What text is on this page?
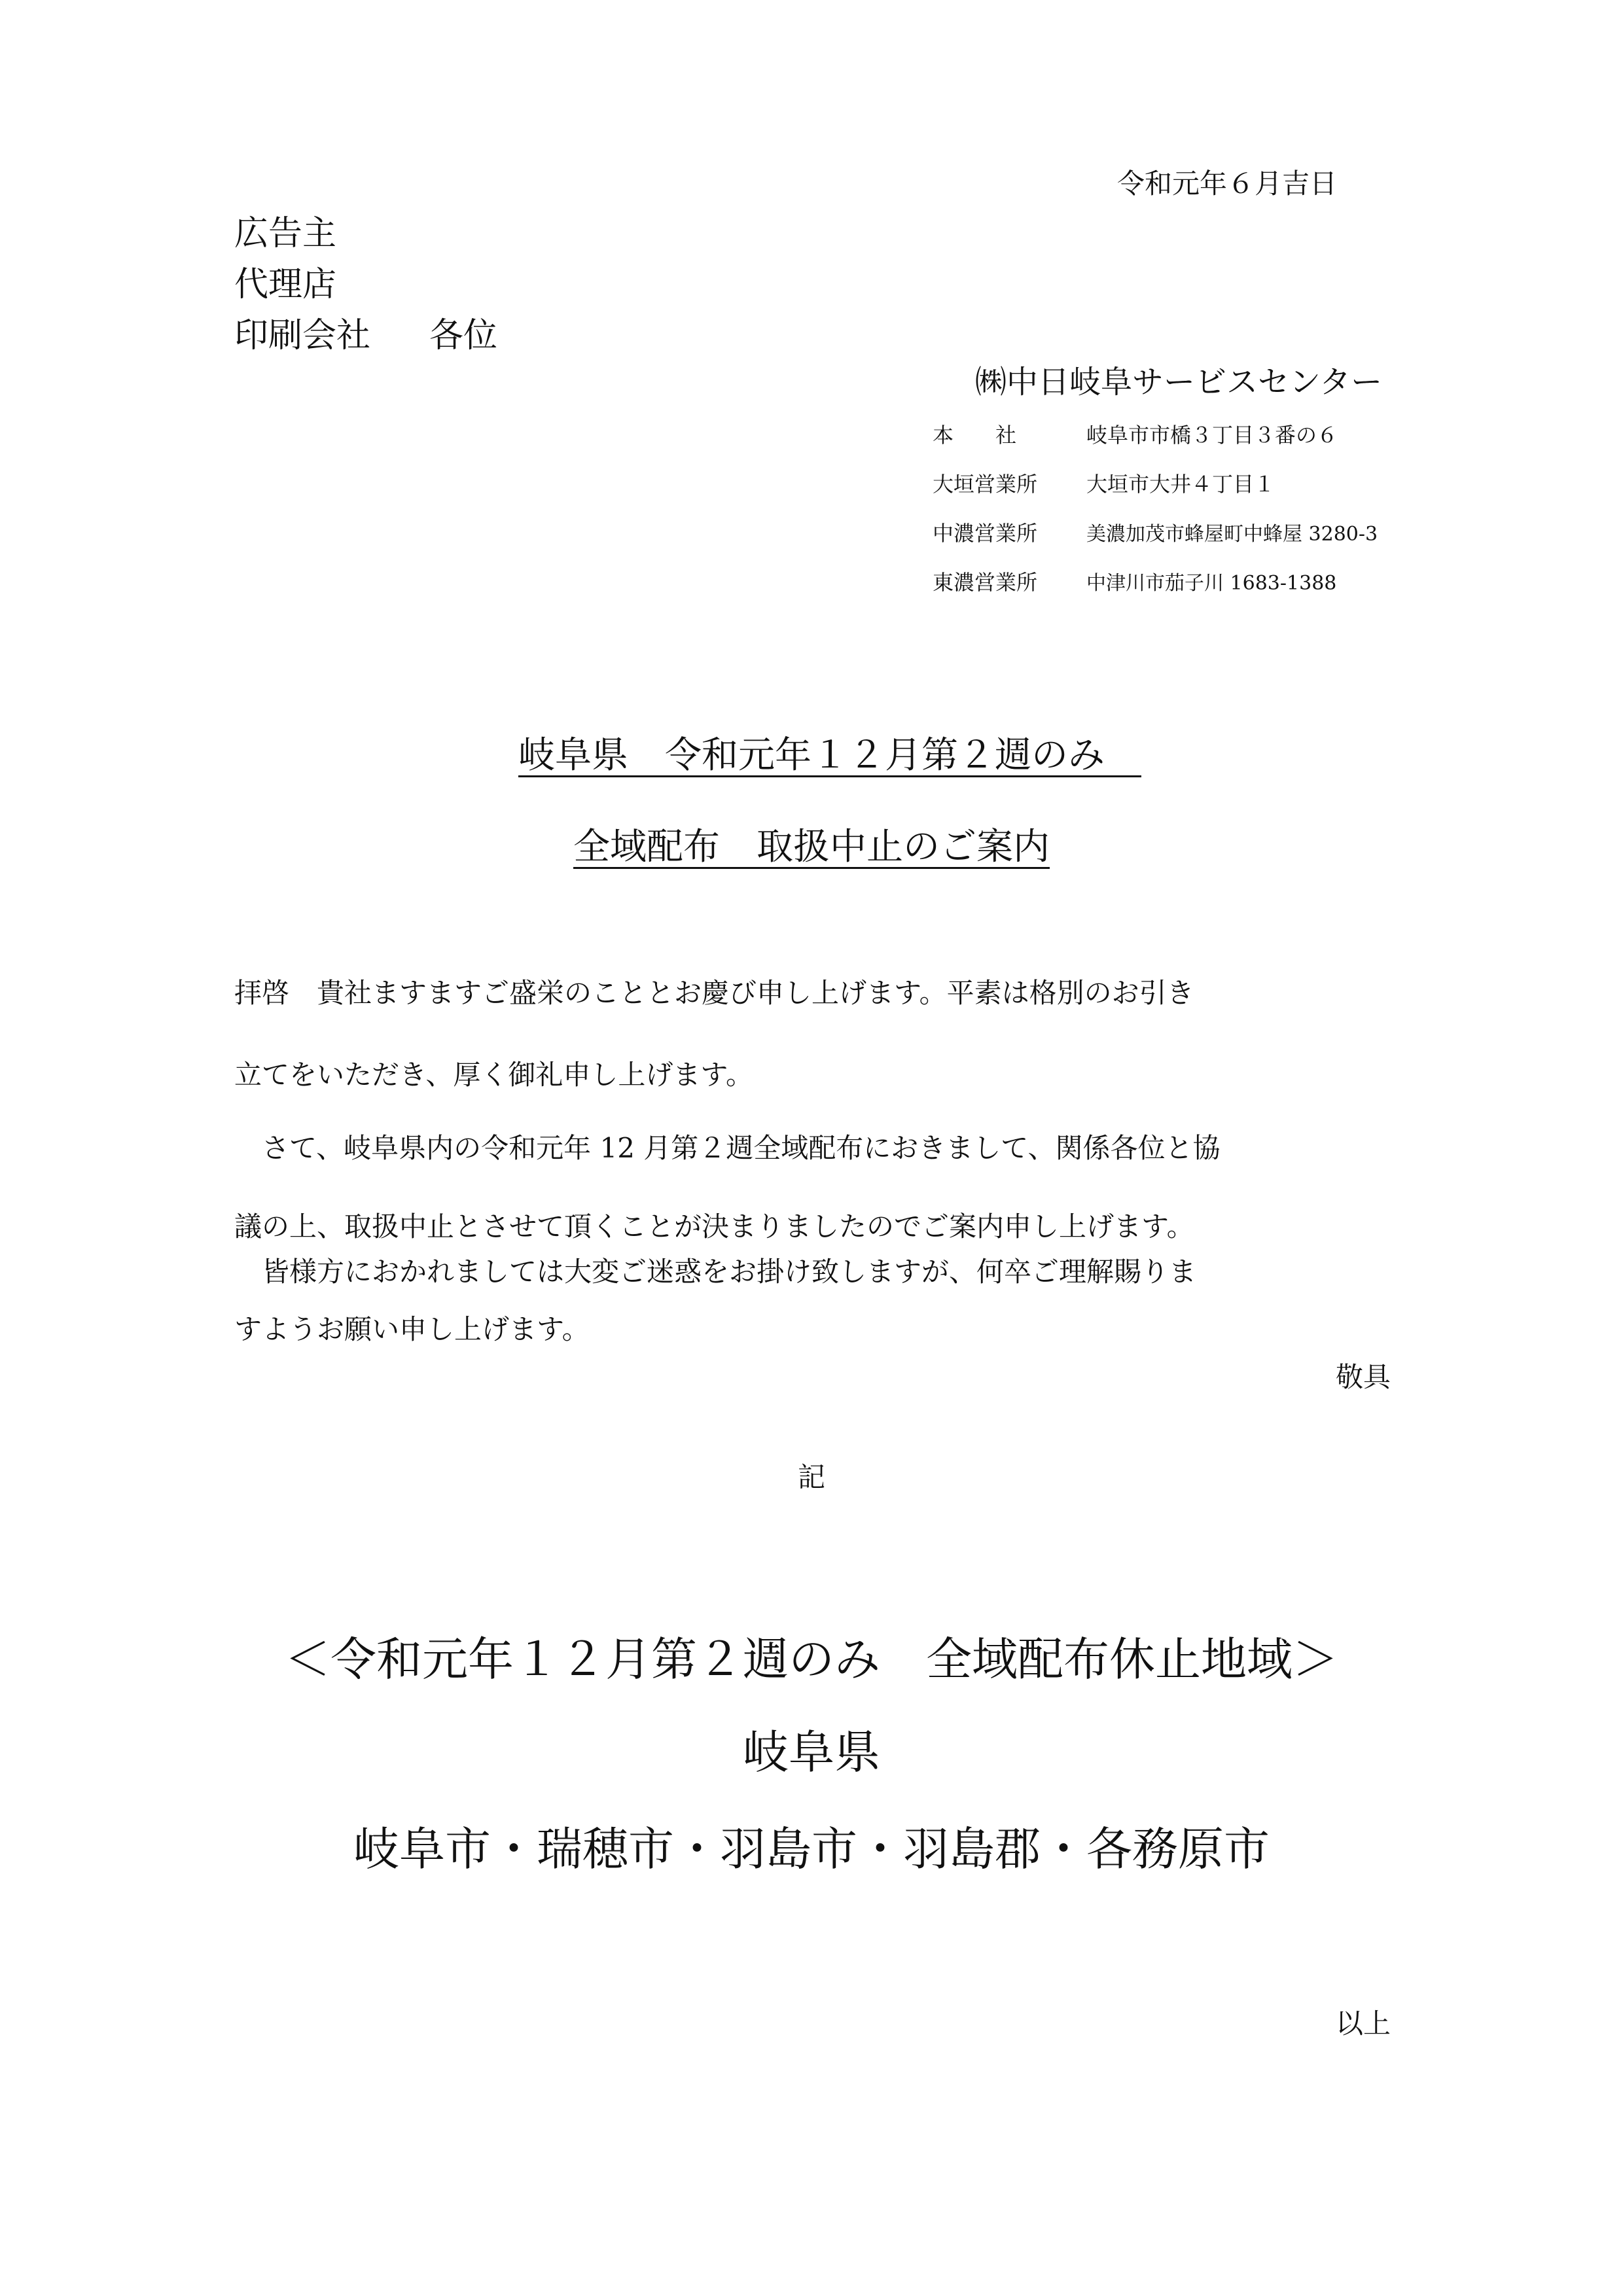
令和元年６月吉日
広告主
代理店
印刷会社 各位
㈱中日岐阜サービスセンター
本　　社	岐阜市市橋３丁目３番の６
大垣営業所	大垣市大井４丁目１
中濃営業所	美濃加茂市蜂屋町中蜂屋 3280-3
東濃営業所	中津川市茄子川 1683-1388
岐阜県　令和元年１２月第２週のみ　
全域配布　取扱中止のご案内
拝啓　貴社ますますご盛栄のこととお慶び申し上げます。平素は格別のお引き
立てをいただき、厚く御礼申し上げます。
　さて、岐阜県内の令和元年 12 月第２週全域配布におきまして、関係各位と協
議の上、取扱中止とさせて頂くことが決まりましたのでご案内申し上げます。
　皆様方におかれましては大変ご迷惑をお掛け致しますが、何卒ご理解賜りま
すようお願い申し上げます。
敬具
記
＜令和元年１２月第２週のみ　全域配布休止地域＞
岐阜県
岐阜市・瑞穂市・羽島市・羽島郡・各務原市
以上
